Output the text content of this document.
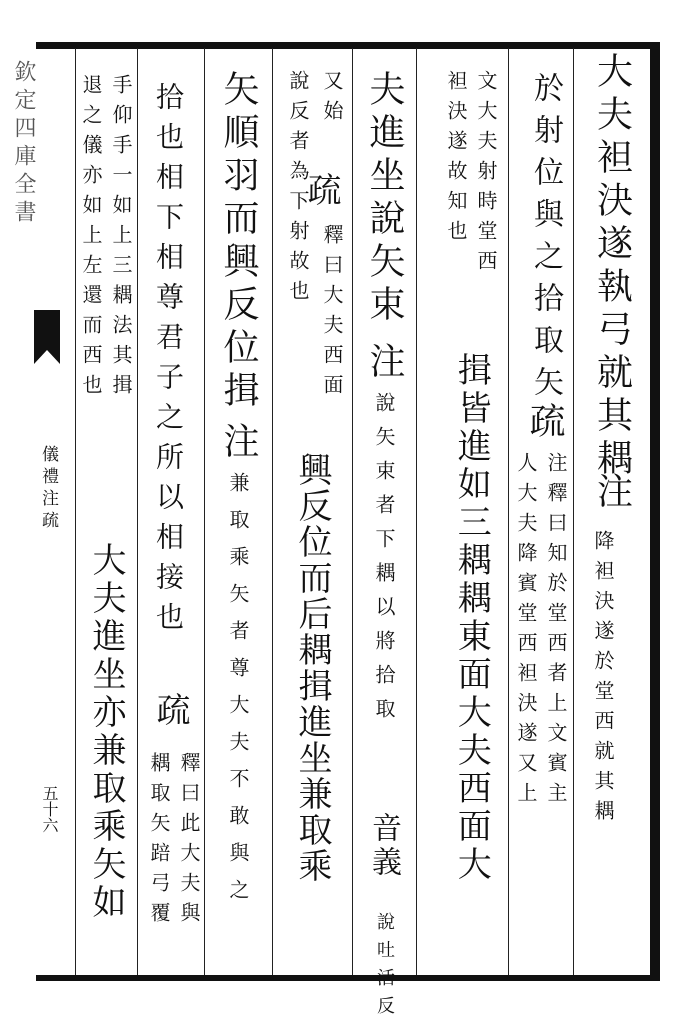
欽定四庫全書
儀禮注疏
五十六
大夫袒決遂執弓就其耦
注
降袒決遂於堂西就其耦
於射位與之拾取矢
疏
注釋曰知於堂西者上文賓主
人大夫降賓堂西袒決遂又上
文大夫射時堂西
袒決遂故知也
揖皆進如三耦耦東面大夫西面大
夫進坐說矢束
注
說矢束者下耦以將拾取
音義
說吐活反
又始
說反者為下射故也
疏
釋曰大夫西面
興反位而后耦揖進坐兼取乘
矢順羽而興反位揖
注
兼取乘矢者尊大夫不敢與之
拾也相下相尊君子之所以相接也
疏
釋曰此大夫與
耦取矢踣弓覆
手仰手一如上三耦法其揖
退之儀亦如上左還而西也
大夫進坐亦兼取乘矢如
